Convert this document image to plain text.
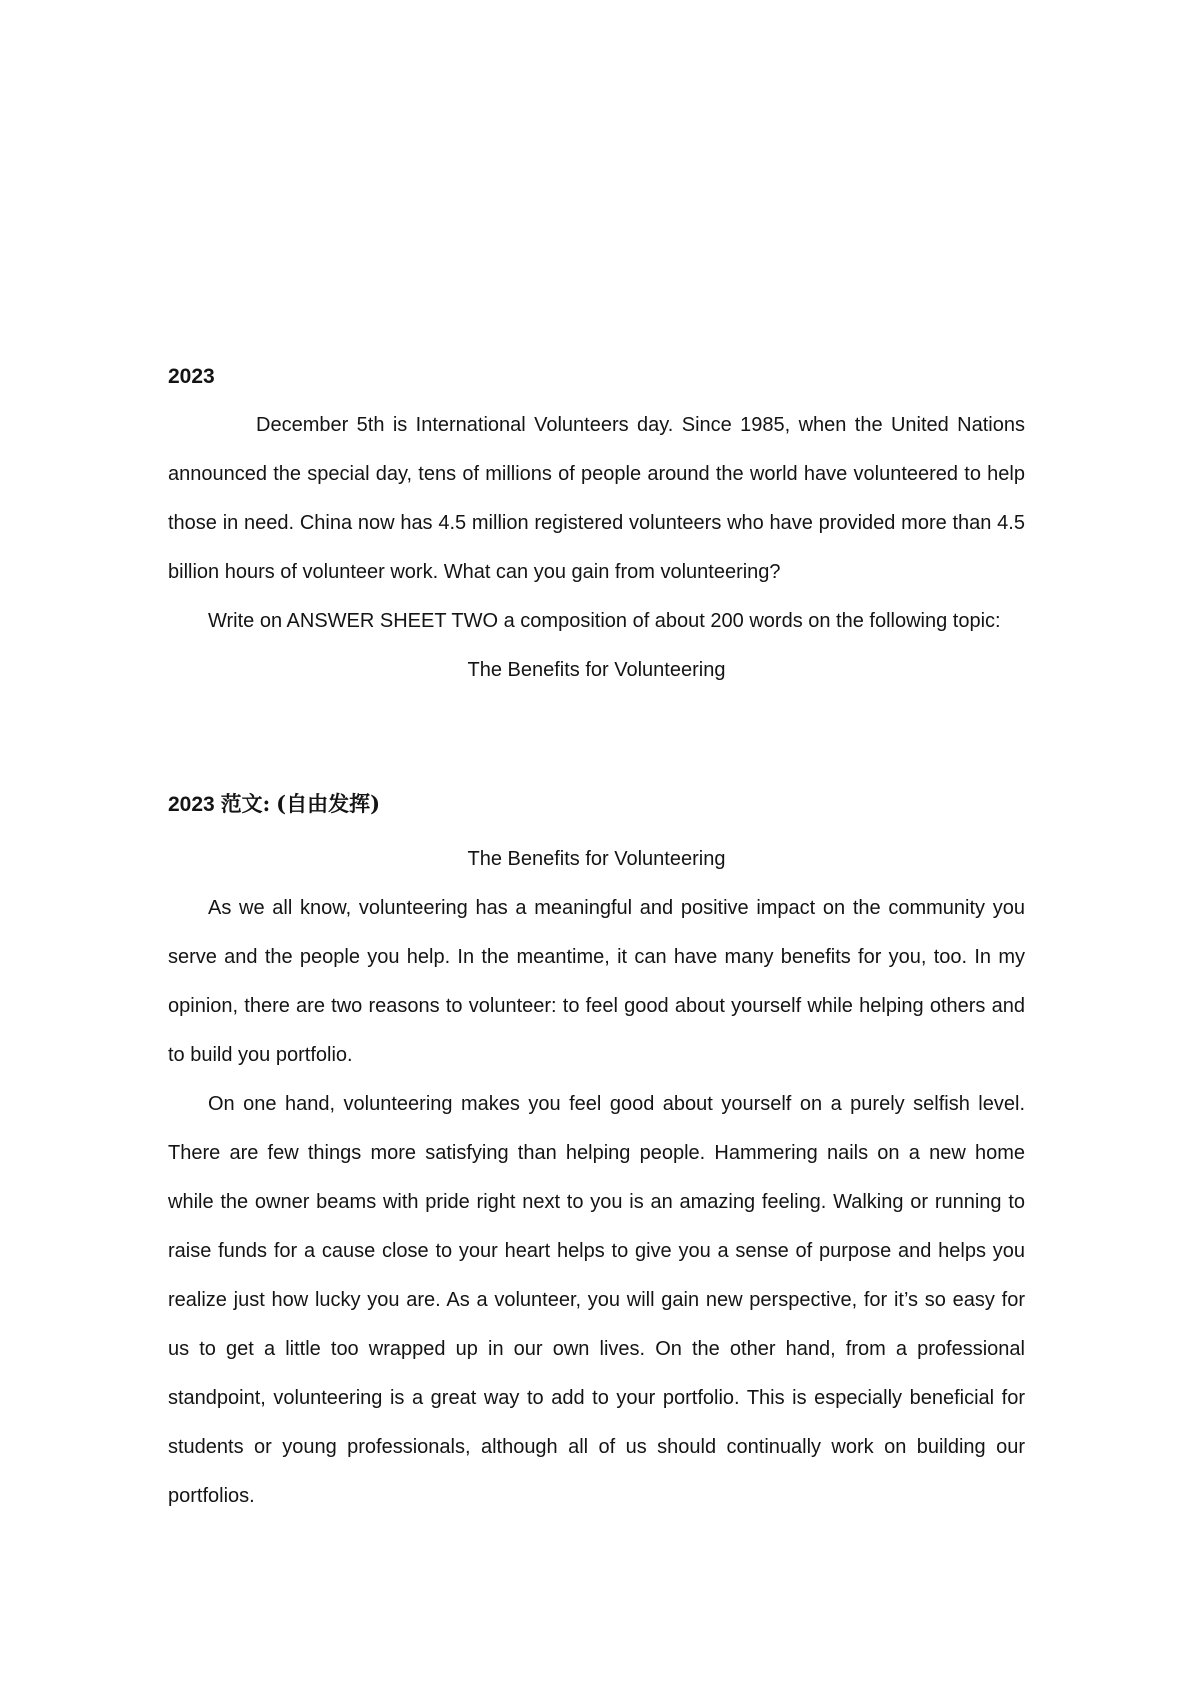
2023

December 5th is International Volunteers day. Since 1985, when the United Nations announced the special day, tens of millions of people around the world have volunteered to help those in need. China now has 4.5 million registered volunteers who have provided more than 4.5 billion hours of volunteer work. What can you gain from volunteering?

Write on ANSWER SHEET TWO a composition of about 200 words on the following topic:

The Benefits for Volunteering

2023 范文: (自由发挥)

The Benefits for Volunteering

As we all know, volunteering has a meaningful and positive impact on the community you serve and the people you help. In the meantime, it can have many benefits for you, too. In my opinion, there are two reasons to volunteer: to feel good about yourself while helping others and to build you portfolio.

On one hand, volunteering makes you feel good about yourself on a purely selfish level. There are few things more satisfying than helping people. Hammering nails on a new home while the owner beams with pride right next to you is an amazing feeling. Walking or running to raise funds for a cause close to your heart helps to give you a sense of purpose and helps you realize just how lucky you are. As a volunteer, you will gain new perspective, for it’s so easy for us to get a little too wrapped up in our own lives. On the other hand, from a professional standpoint, volunteering is a great way to add to your portfolio. This is especially beneficial for students or young professionals, although all of us should continually work on building our portfolios.
